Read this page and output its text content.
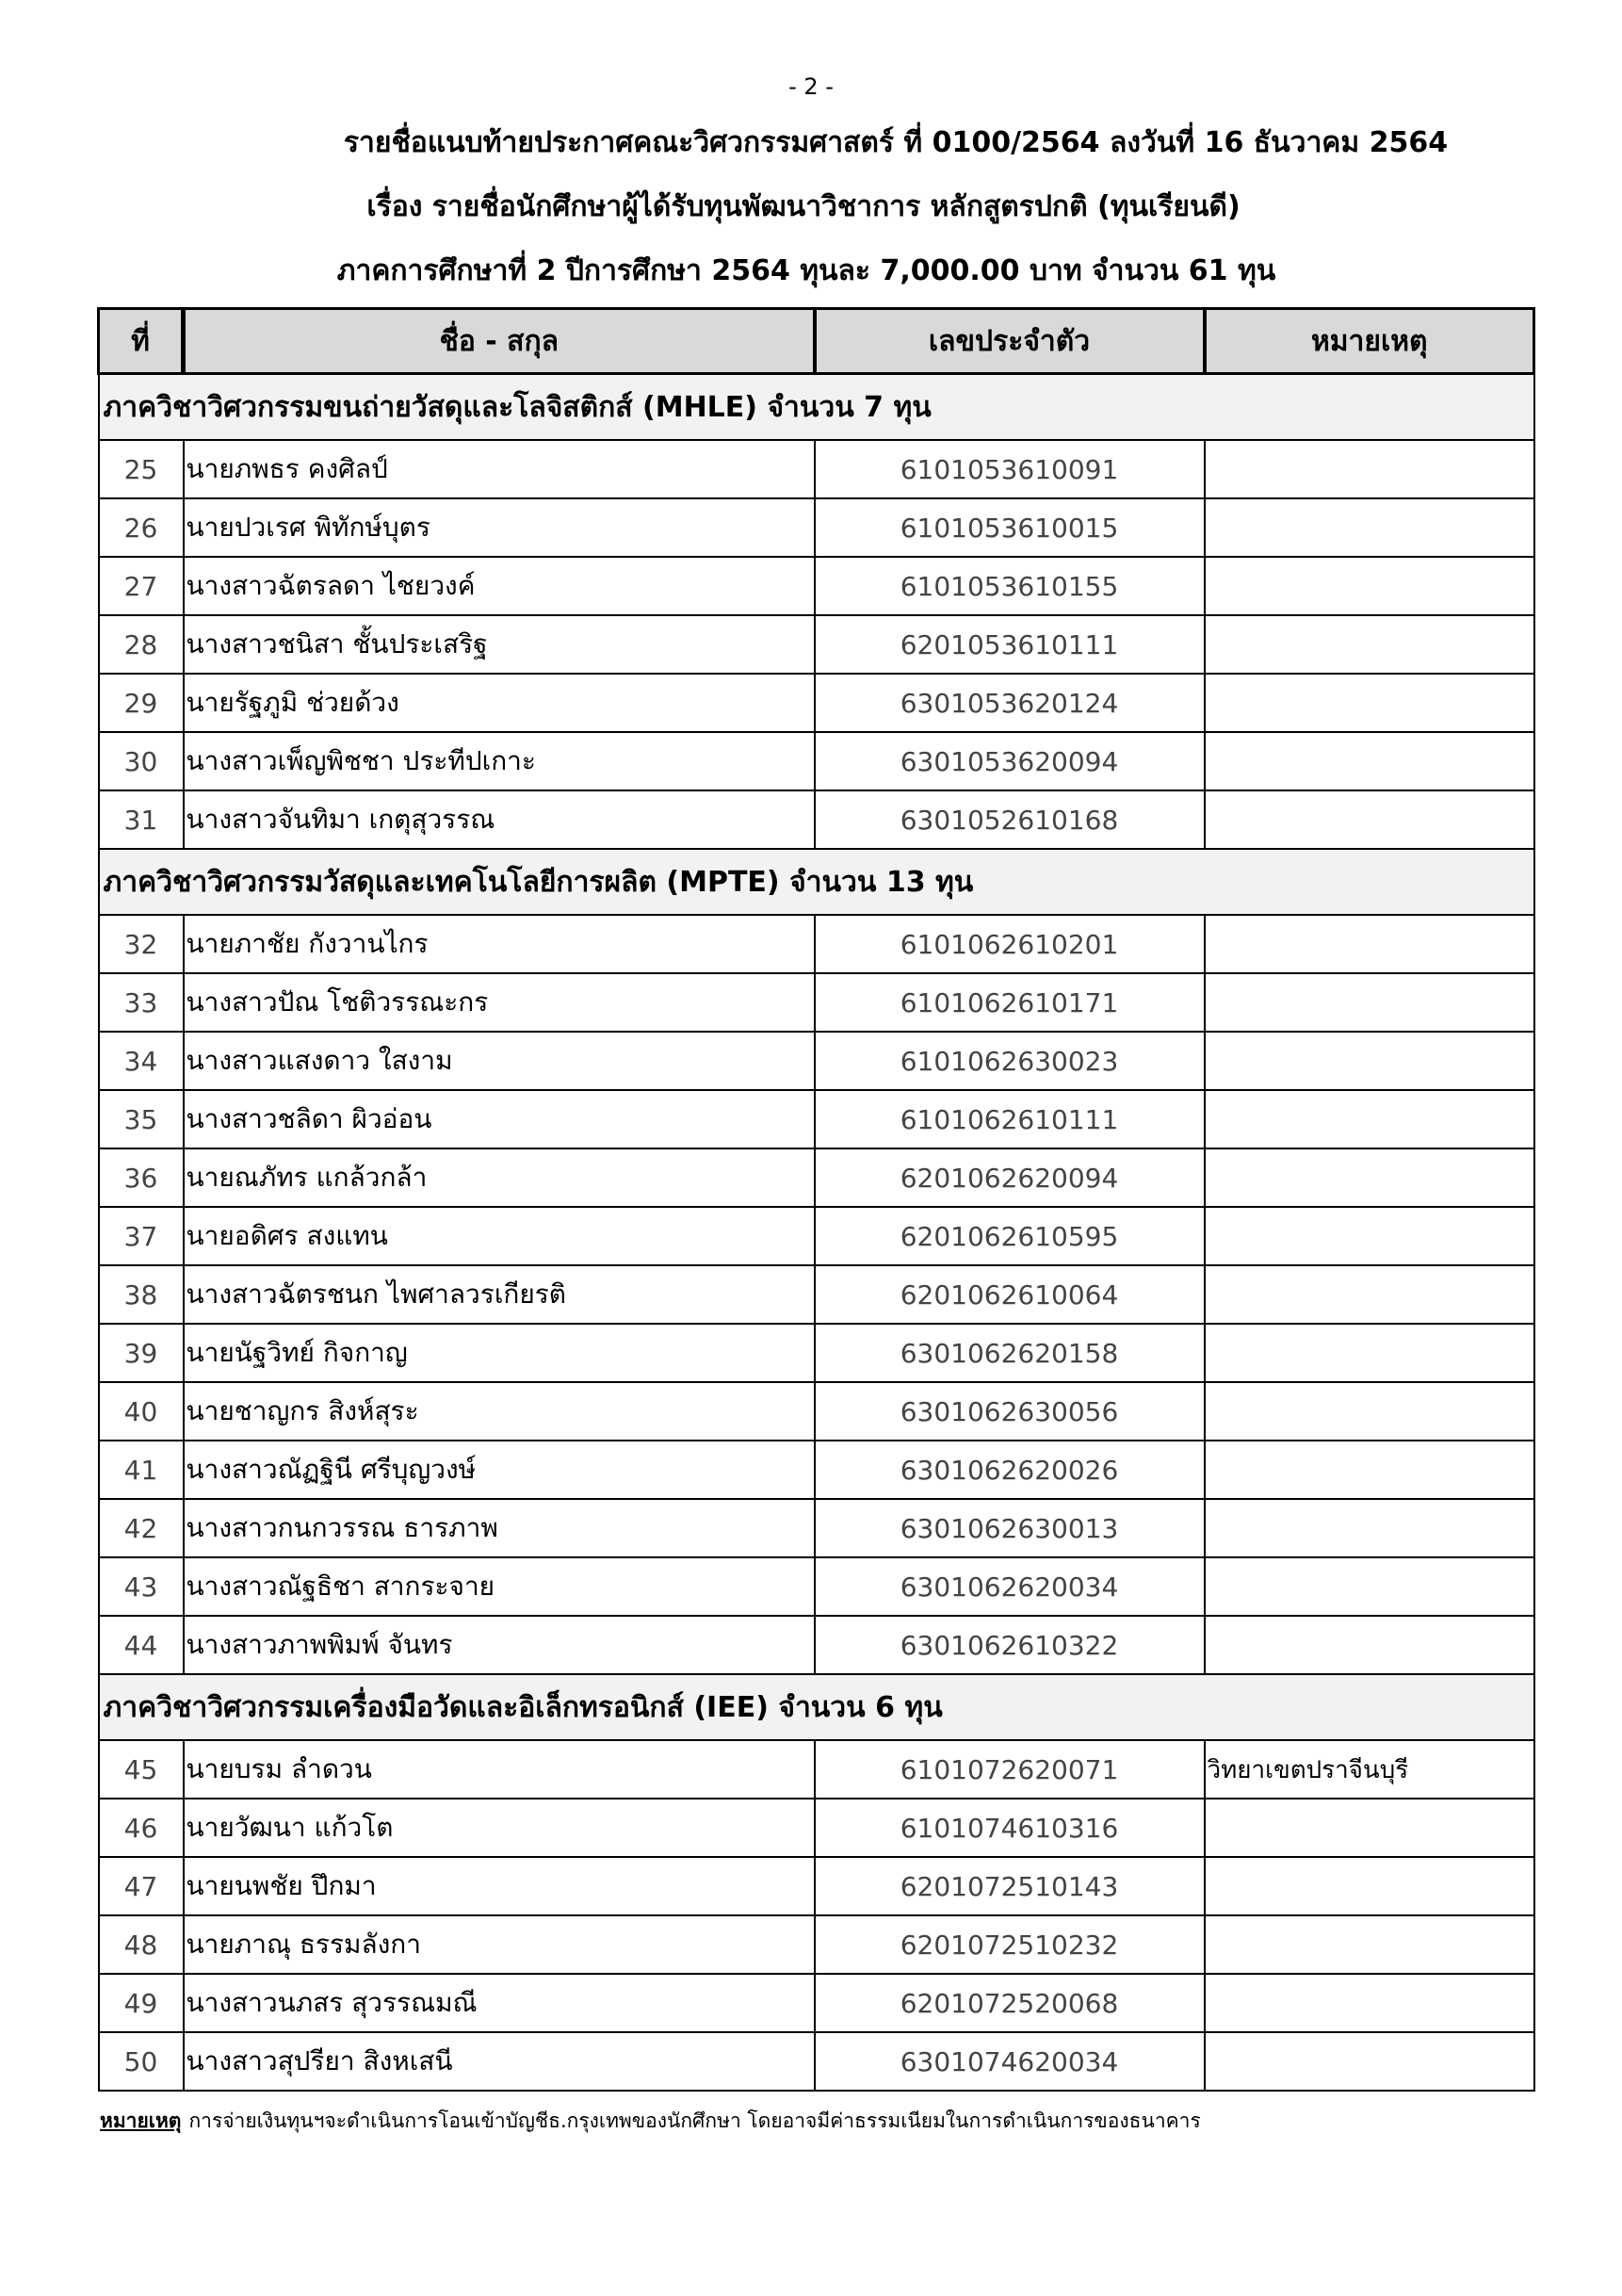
- 2 -
รายชื่อแนบท้ายประกาศคณะวิศวกรรมศาสตร์ ที่ 0100/2564 ลงวันที่ 16 ธันวาคม 2564
เรื่อง รายชื่อนักศึกษาผู้ได้รับทุนพัฒนาวิชาการ หลักสูตรปกติ (ทุนเรียนดี)
ภาคการศึกษาที่ 2 ปีการศึกษา 2564 ทุนละ 7,000.00 บาท จำนวน 61 ทุน
ที่	ชื่อ - สกุล	เลขประจำตัว	หมายเหตุ
ภาควิชาวิศวกรรมขนถ่ายวัสดุและโลจิสติกส์ (MHLE) จำนวน 7 ทุน			
25	นายภพธร คงศิลป์	6101053610091	
26	นายปวเรศ พิทักษ์บุตร	6101053610015	
27	นางสาวฉัตรลดา ไชยวงค์	6101053610155	
28	นางสาวชนิสา ชั้นประเสริฐ	6201053610111	
29	นายรัฐภูมิ ช่วยด้วง	6301053620124	
30	นางสาวเพ็ญพิชชา ประทีปเกาะ	6301053620094	
31	นางสาวจันทิมา เกตุสุวรรณ	6301052610168	
ภาควิชาวิศวกรรมวัสดุและเทคโนโลยีการผลิต (MPTE) จำนวน 13 ทุน			
32	นายภาชัย กังวานไกร	6101062610201	
33	นางสาวปัณ โชติวรรณะกร	6101062610171	
34	นางสาวแสงดาว ใสงาม	6101062630023	
35	นางสาวชลิดา ผิวอ่อน	6101062610111	
36	นายณภัทร แกล้วกล้า	6201062620094	
37	นายอดิศร สงแทน	6201062610595	
38	นางสาวฉัตรชนก ไพศาลวรเกียรติ	6201062610064	
39	นายนัฐวิทย์ กิจกาญ	6301062620158	
40	นายชาญกร สิงห์สุระ	6301062630056	
41	นางสาวณัฏฐินี ศรีบุญวงษ์	6301062620026	
42	นางสาวกนกวรรณ ธารภาพ	6301062630013	
43	นางสาวณัฐธิชา สากระจาย	6301062620034	
44	นางสาวภาพพิมพ์ จันทร	6301062610322	
ภาควิชาวิศวกรรมเครื่องมือวัดและอิเล็กทรอนิกส์ (IEE) จำนวน 6 ทุน			
45	นายบรม ลำดวน	6101072620071	วิทยาเขตปราจีนบุรี
46	นายวัฒนา แก้วโต	6101074610316	
47	นายนพชัย ปึกมา	6201072510143	
48	นายภาณุ ธรรมลังกา	6201072510232	
49	นางสาวนภสร สุวรรณมณี	6201072520068	
50	นางสาวสุปรียา สิงหเสนี	6301074620034	
หมายเหตุ การจ่ายเงินทุนฯจะดำเนินการโอนเข้าบัญชีธ.กรุงเทพของนักศึกษา โดยอาจมีค่าธรรมเนียมในการดำเนินการของธนาคาร
